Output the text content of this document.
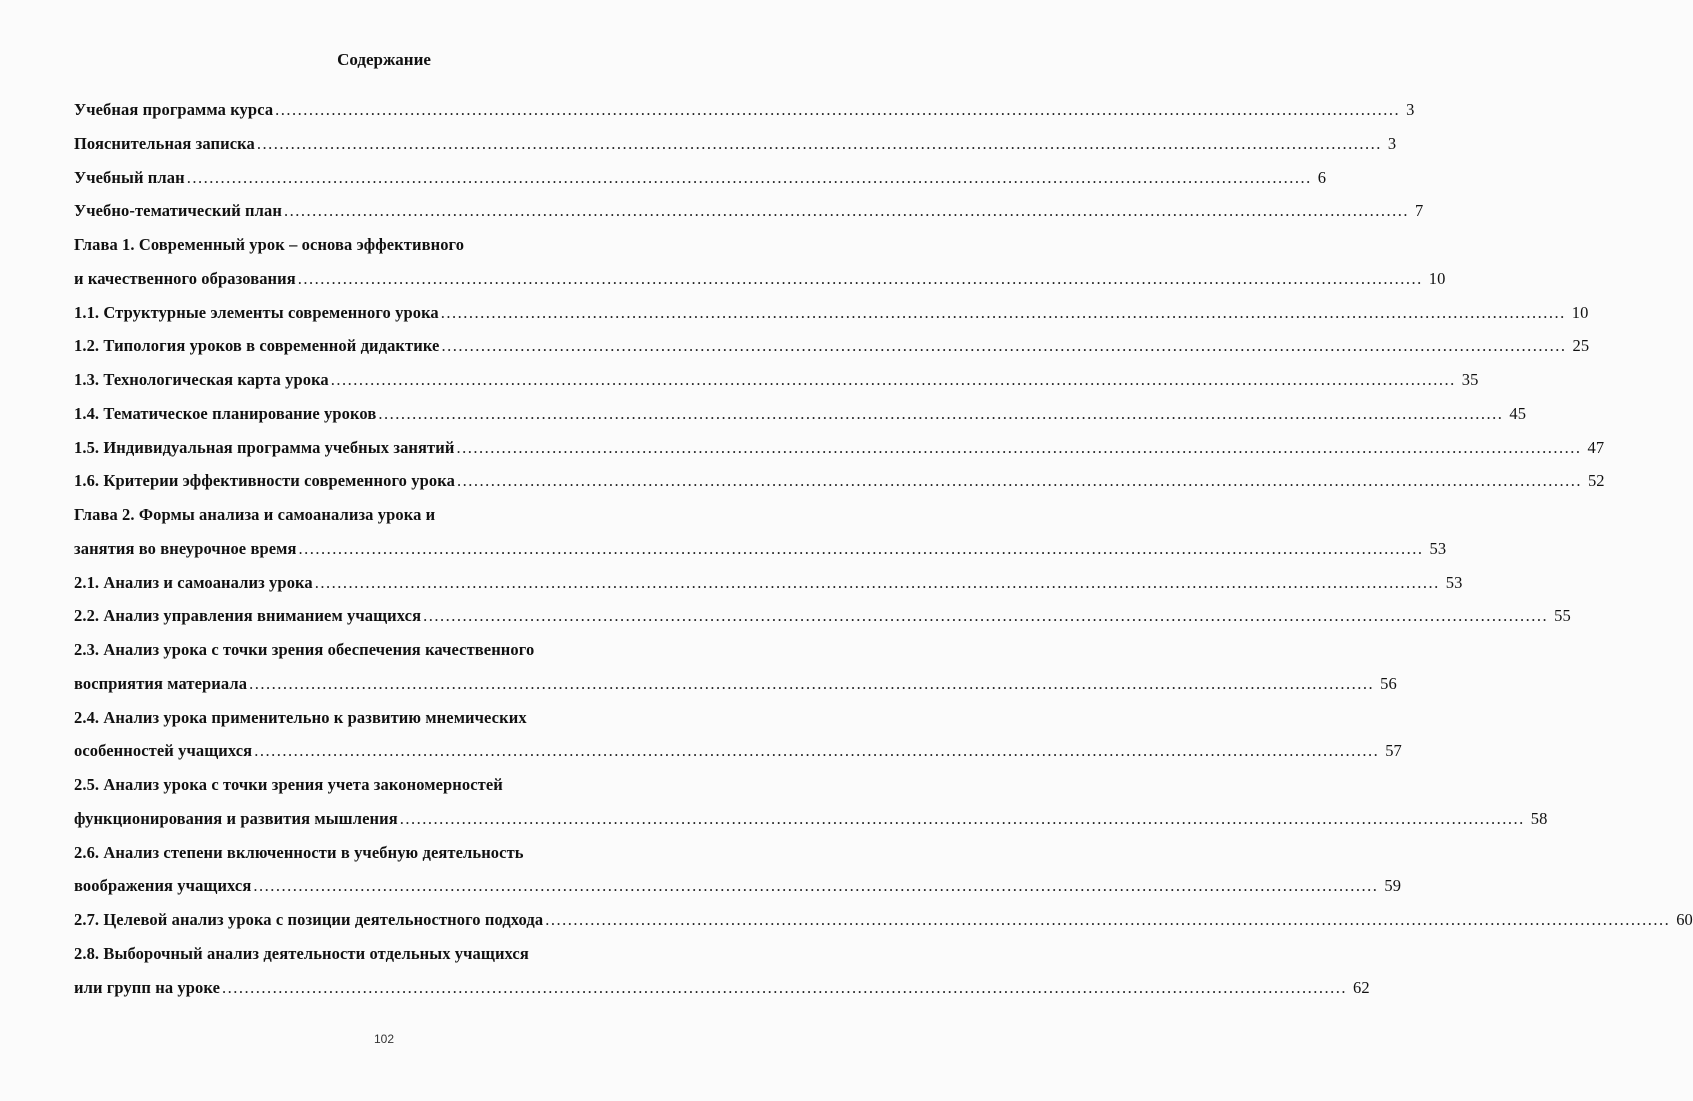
Содержание
Учебная программа курса ........................................................................................................................................................................................................ 3
Пояснительная записка ........................................................................................................................................................................................................ 3
Учебный план ........................................................................................................................................................................................................ 6
Учебно-тематический план ........................................................................................................................................................................................................ 7
Глава 1. Современный урок – основа эффективного
и качественного образования ........................................................................................................................................................................................................ 10
1.1. Структурные элементы современного урока ........................................................................................................................................................................................................ 10
1.2. Типология уроков в современной дидактике ........................................................................................................................................................................................................ 25
1.3. Технологическая карта урока ........................................................................................................................................................................................................ 35
1.4. Тематическое планирование уроков ........................................................................................................................................................................................................ 45
1.5. Индивидуальная программа учебных занятий ........................................................................................................................................................................................................ 47
1.6. Критерии эффективности современного урока ........................................................................................................................................................................................................ 52
Глава 2. Формы анализа и самоанализа урока и
занятия во внеурочное время ........................................................................................................................................................................................................ 53
2.1. Анализ и самоанализ урока ........................................................................................................................................................................................................ 53
2.2. Анализ управления вниманием учащихся ........................................................................................................................................................................................................ 55
2.3. Анализ урока с точки зрения обеспечения качественного
восприятия материала ........................................................................................................................................................................................................ 56
2.4. Анализ урока применительно к развитию мнемических
особенностей учащихся ........................................................................................................................................................................................................ 57
2.5. Анализ урока с точки зрения учета закономерностей
функционирования и развития мышления ........................................................................................................................................................................................................ 58
2.6. Анализ степени включенности в учебную деятельность
воображения учащихся ........................................................................................................................................................................................................ 59
2.7. Целевой анализ урока с позиции деятельностного подхода ........................................................................................................................................................................................................ 60
2.8. Выборочный анализ деятельности отдельных учащихся
или групп на уроке ........................................................................................................................................................................................................ 62
102
